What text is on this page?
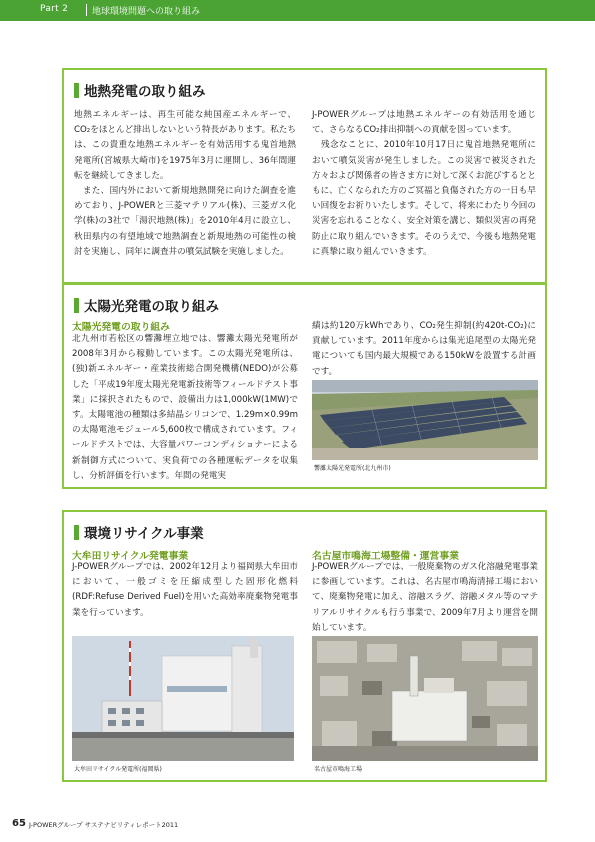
Part 2	地球環境問題への取り組み
地熱発電の取り組み
地熱エネルギーは、再生可能な純国産エネルギーで、CO₂をほとんど排出しないという特長があります。私たちは、この貴重な地熱エネルギーを有効活用する鬼首地熱発電所(宮城県大崎市)を1975年3月に運開し、36年間運転を継続してきました。
　また、国内外において新規地熱開発に向けた調査を進めており、J-POWERと三菱マテリアル(株)、三菱ガス化学(株)の3社で「湯沢地熱(株)」を2010年4月に設立し、秋田県内の有望地域で地熱調査と新規地熱の可能性の検討を実施し、同年に調査井の噴気試験を実施しました。
J-POWERグループは地熱エネルギーの有効活用を通じて、さらなるCO₂排出抑制への貢献を図っています。
　残念なことに、2010年10月17日に鬼首地熱発電所において噴気災害が発生しました。この災害で被災された方々および関係者の皆さま方に対して深くお詫びするとともに、亡くなられた方のご冥福と負傷された方の一日も早い回復をお祈りいたします。そして、将来にわたり今回の災害を忘れることなく、安全対策を講じ、類似災害の再発防止に取り組んでいきます。そのうえで、今後も地熱発電に真摯に取り組んでいきます。
太陽光発電の取り組み
太陽光発電の取り組み
北九州市若松区の響灘埋立地では、響灘太陽光発電所が2008年3月から稼動しています。この太陽光発電所は、(独)新エネルギー・産業技術総合開発機構(NEDO)が公募した「平成19年度太陽光発電新技術等フィールドテスト事業」に採択されたもので、設備出力は1,000kW(1MW)です。太陽電池の種類は多結晶シリコンで、1.29m×0.99mの太陽電池モジュール5,600枚で構成されています。フィールドテストでは、大容量パワーコンディショナーによる新制御方式について、実負荷での各種運転データを収集し、分析評価を行います。年間の発電実
績は約120万kWhであり、CO₂発生抑制(約420t-CO₂)に貢献しています。2011年度からは集光追尾型の太陽光発電についても国内最大規模である150kWを設置する計画です。
響灘太陽光発電所(北九州市)
環境リサイクル事業
大牟田リサイクル発電事業
J-POWERグループでは、2002年12月より福岡県大牟田市において、一般ゴミを圧縮成型した固形化燃料(RDF:Refuse Derived Fuel)を用いた高効率廃棄物発電事業を行っています。
名古屋市鳴海工場整備・運営事業
J-POWERグループでは、一般廃棄物のガス化溶融発電事業に参画しています。これは、名古屋市鳴海清掃工場において、廃棄物発電に加え、溶融スラグ、溶融メタル等のマテリアルリサイクルも行う事業で、2009年7月より運営を開始しています。
大牟田リサイクル発電所(福岡県)	名古屋市鳴海工場
65 J-POWERグループ サステナビリティレポート2011
